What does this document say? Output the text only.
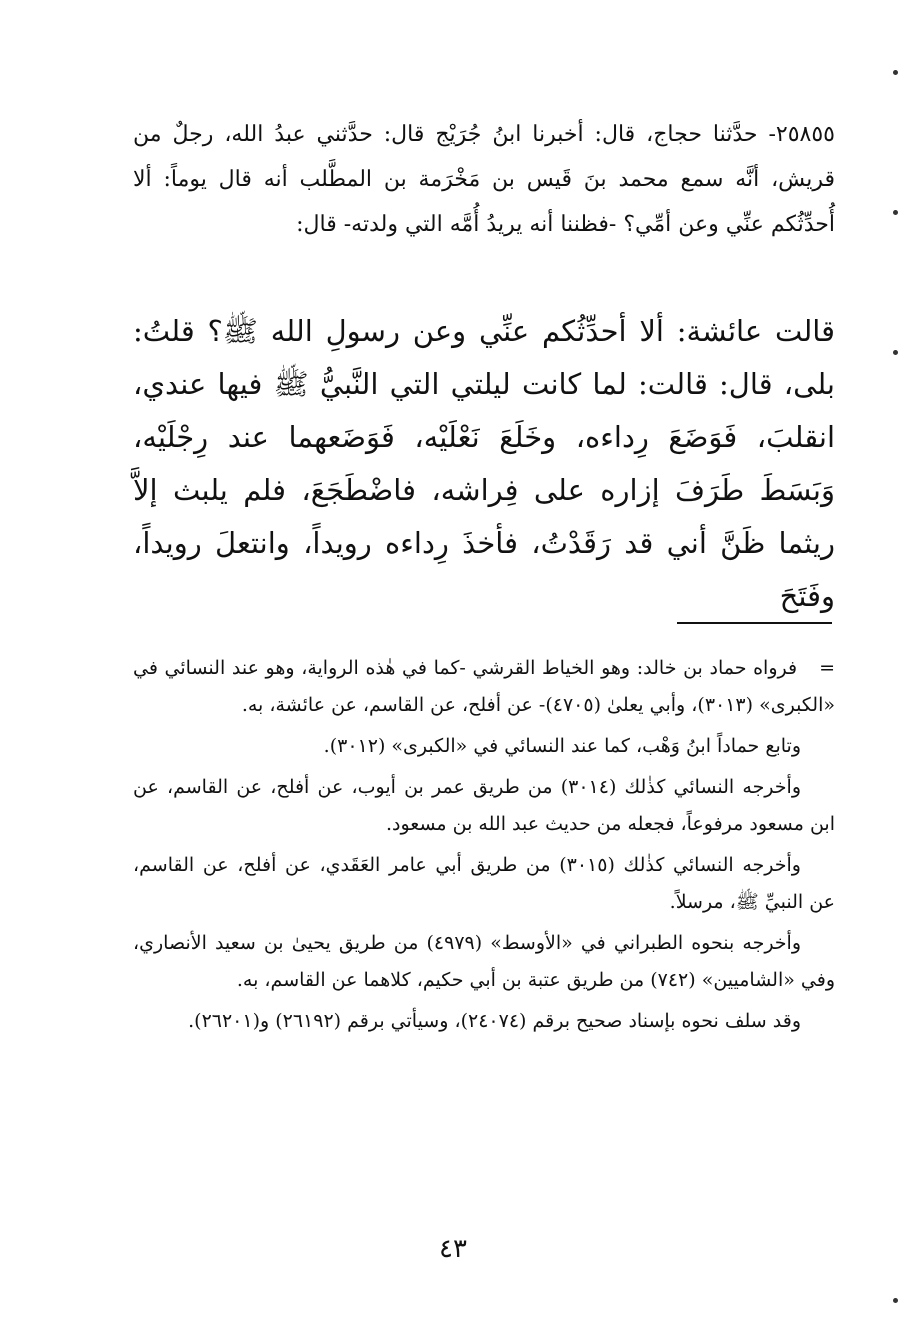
٢٥٨٥٥- حدَّثنا حجاج، قال: أخبرنا ابنُ جُرَيْج قال: حدَّثني عبدُ الله، رجلٌ من قريش، أنَّه سمع محمد بنَ قَيس بن مَخْرَمة بن المطَّلب أنه قال يوماً: ألا أُحدِّثُكم عنِّي وعن أمِّي؟ -فظننا أنه يريدُ أُمَّه التي ولدته- قال:

قالت عائشة: ألا أحدِّثُكم عنِّي وعن رسولِ الله ﷺ؟ قلتُ: بلى، قال: قالت: لما كانت ليلتي التي النَّبيُّ ﷺ فيها عندي، انقلبَ، فَوَضَعَ رِداءه، وخَلَعَ نَعْلَيْه، فَوَضَعهما عند رِجْلَيْه، وَبَسَطَ طَرَفَ إزاره على فِراشه، فاضْطَجَعَ، فلم يلبث إلاَّ ريثما ظَنَّ أني قد رَقَدْتُ، فأخذَ رِداءه رويداً، وانتعلَ رويداً، وفَتَحَ

=فرواه حماد بن خالد: وهو الخياط القرشي -كما في هٰذه الرواية، وهو عند النسائي في «الكبرى» (٣٠١٣)، وأبي يعلىٰ (٤٧٠٥)- عن أفلح، عن القاسم، عن عائشة، به.

وتابع حماداً ابنُ وَهْب، كما عند النسائي في «الكبرى» (٣٠١٢).

وأخرجه النسائي كذٰلك (٣٠١٤) من طريق عمر بن أيوب، عن أفلح، عن القاسم، عن ابن مسعود مرفوعاً، فجعله من حديث عبد الله بن مسعود.

وأخرجه النسائي كذٰلك (٣٠١٥) من طريق أبي عامر العَقَدي، عن أفلح، عن القاسم، عن النبيِّ ﷺ، مرسلاً.

وأخرجه بنحوه الطبراني في «الأوسط» (٤٩٧٩) من طريق يحيىٰ بن سعيد الأنصاري، وفي «الشاميين» (٧٤٢) من طريق عتبة بن أبي حكيم، كلاهما عن القاسم، به.

وقد سلف نحوه بإسناد صحيح برقم (٢٤٠٧٤)، وسيأتي برقم (٢٦١٩٢) و(٢٦٢٠١).

٤٣
